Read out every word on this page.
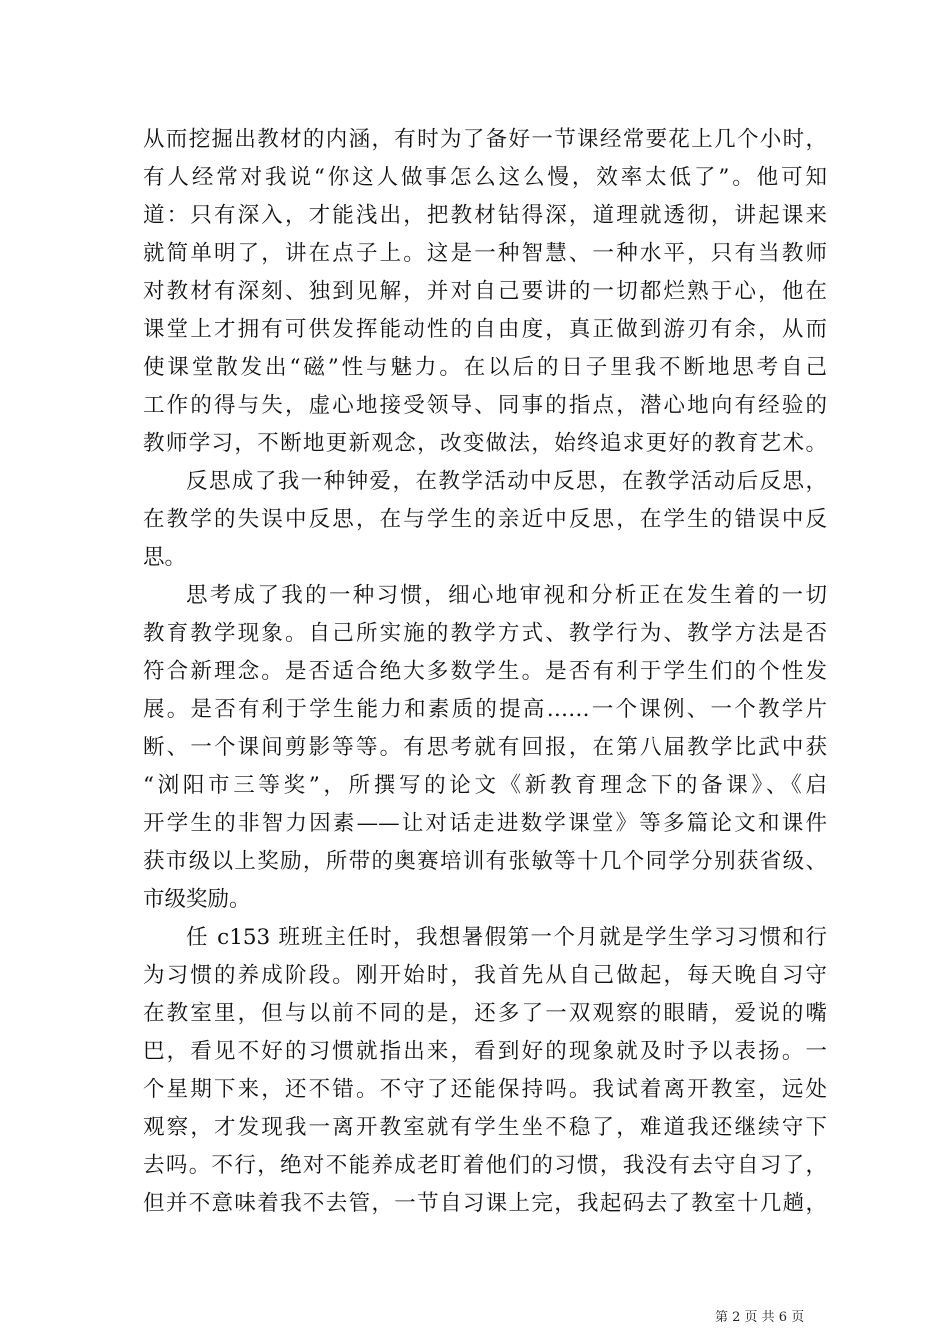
从而挖掘出教材的内涵，有时为了备好一节课经常要花上几个小时，
有人经常对我说“你这人做事怎么这么慢，效率太低了”。他可知
道：只有深入，才能浅出，把教材钻得深，道理就透彻，讲起课来
就简单明了，讲在点子上。这是一种智慧、一种水平，只有当教师
对教材有深刻、独到见解，并对自己要讲的一切都烂熟于心，他在
课堂上才拥有可供发挥能动性的自由度，真正做到游刃有余，从而
使课堂散发出“磁”性与魅力。在以后的日子里我不断地思考自己
工作的得与失，虚心地接受领导、同事的指点，潜心地向有经验的
教师学习，不断地更新观念，改变做法，始终追求更好的教育艺术。
反思成了我一种钟爱，在教学活动中反思，在教学活动后反思，
在教学的失误中反思，在与学生的亲近中反思，在学生的错误中反
思。
思考成了我的一种习惯，细心地审视和分析正在发生着的一切
教育教学现象。自己所实施的教学方式、教学行为、教学方法是否
符合新理念。是否适合绝大多数学生。是否有利于学生们的个性发
展。是否有利于学生能力和素质的提高……一个课例、一个教学片
断、一个课间剪影等等。有思考就有回报，在第八届教学比武中获
“浏阳市三等奖”，所撰写的论文《新教育理念下的备课》、《启
开学生的非智力因素——让对话走进数学课堂》等多篇论文和课件
获市级以上奖励，所带的奥赛培训有张敏等十几个同学分别获省级、
市级奖励。
任 c153 班班主任时，我想暑假第一个月就是学生学习习惯和行
为习惯的养成阶段。刚开始时，我首先从自己做起，每天晚自习守
在教室里，但与以前不同的是，还多了一双观察的眼睛，爱说的嘴
巴，看见不好的习惯就指出来，看到好的现象就及时予以表扬。一
个星期下来，还不错。不守了还能保持吗。我试着离开教室，远处
观察，才发现我一离开教室就有学生坐不稳了，难道我还继续守下
去吗。不行，绝对不能养成老盯着他们的习惯，我没有去守自习了，
但并不意味着我不去管，一节自习课上完，我起码去了教室十几趟，
第 2 页 共 6 页
